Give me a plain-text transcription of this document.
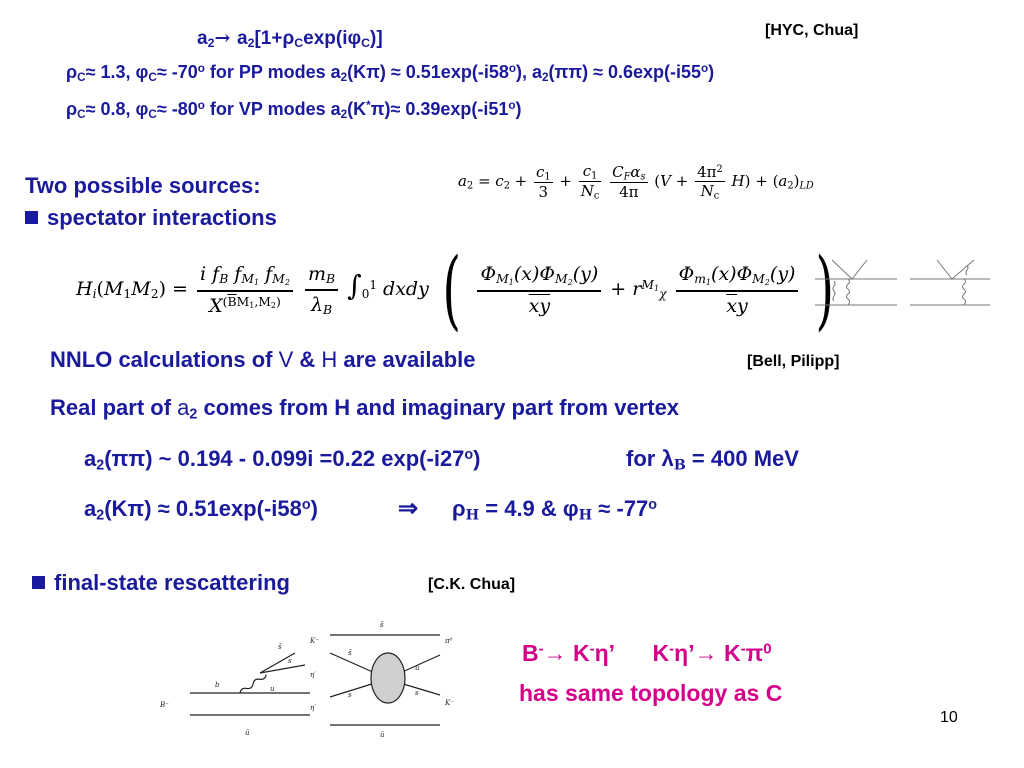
$a_2\to a_2[1+\rho_C\exp(i\varphi_C)]$	[HYC, Chua]
$\rho_C\approx 1.3$, $\varphi_C\approx -70^o$ for PP modes $a_2(K\pi) \approx 0.51\exp(-i58^o)$, $a_2(\pi\pi) \approx 0.6\exp(-i55^o)$
$\rho_C\approx 0.8$, $\varphi_C\approx -80^o$ for VP modes $a_2(K^*\pi)\approx 0.39\exp(-i51^o)$
Two possible sources:
spectator interactions
$a_2 = c_2 + \frac{c_1}{3} + \frac{c_1}{N_c}$
$\frac{C_F\alpha_s}{4\pi} (V + \frac{4\pi^2}{N_c} H) + (a_2)_{LD}$
$H_i(M_1M_2) = \frac{i f_B f_{M_1} f_{M_2}}{X^{(\overline{B}M_1,M_2)}}$
$\frac{m_B}{\lambda_B} \int_0^1$ dxdy ( $\frac{\Phi_{M_1}(x)\Phi_{M_2}(y)}{\overline{x}\overline{y}} + r^{M_1}_\chi \frac{\Phi_{m_1}(x)\Phi_{M_2}(y)}{\overline{x}y}$ )
NNLO calculations of V & H are available	[Bell, Pilipp]
Real part of $a_2$ comes from H and imaginary part from vertex
$a_2(\pi\pi)$ ~ 0.194 - 0.099i =0.22 exp(-i27$^o$)	for $\lambda_B = 400$ MeV
$a_2(K\pi) \approx 0.51\exp(-i58^o)$	⇒ $\rho_H = 4.9$ & $\varphi_H \approx -77^o$
final-state rescattering	[C.K. Chua]
B⁻
b
s̄
s
u
ū
K⁻
η′
η′
s̄
π⁰
K⁻
ū
u
s
s̄
s
B-→ K-η’ K-η’→ $K^-\pi^0$
has same topology as C
10
